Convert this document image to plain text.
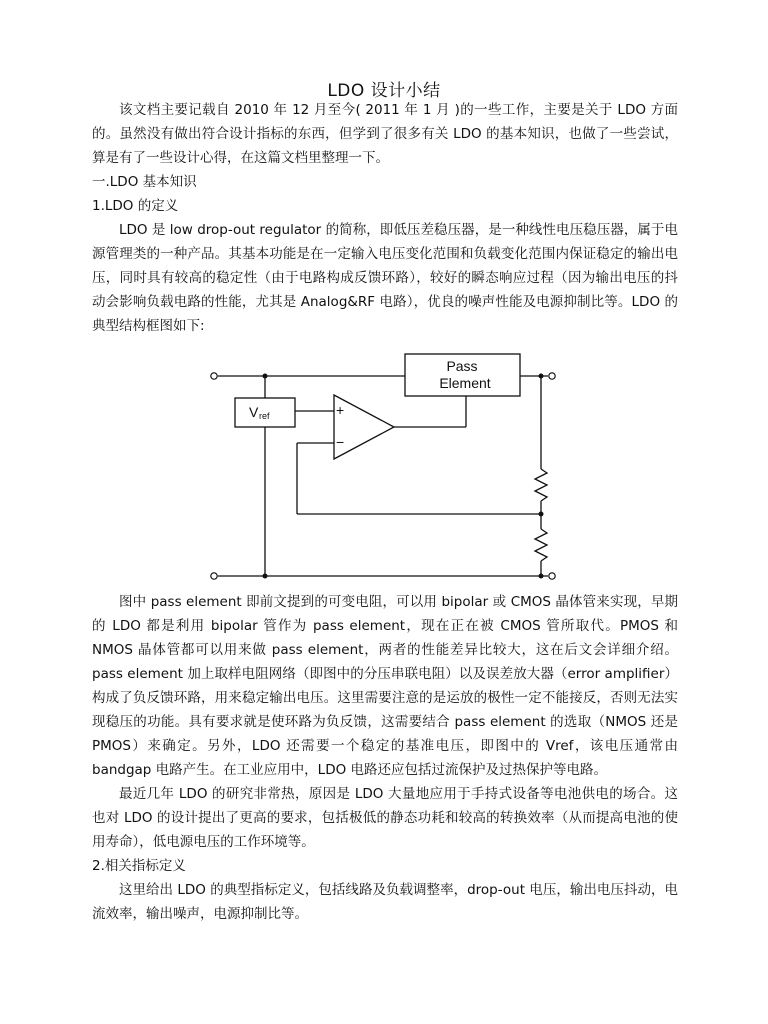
LDO 设计小结

该文档主要记载自 2010 年 12 月至今( 2011 年 1 月 )的一些工作，主要是关于 LDO 方面的。虽然没有做出符合设计指标的东西，但学到了很多有关 LDO 的基本知识，也做了一些尝试，算是有了一些设计心得，在这篇文档里整理一下。

一.LDO 基本知识

1.LDO 的定义

LDO 是 low drop-out regulator 的简称，即低压差稳压器，是一种线性电压稳压器，属于电源管理类的一种产品。其基本功能是在一定输入电压变化范围和负载变化范围内保证稳定的输出电压，同时具有较高的稳定性（由于电路构成反馈环路），较好的瞬态响应过程（因为输出电压的抖动会影响负载电路的性能，尤其是 Analog&RF 电路），优良的噪声性能及电源抑制比等。LDO 的典型结构框图如下:

Pass
Element
V ref	+
−

图中 pass element 即前文提到的可变电阻，可以用 bipolar 或 CMOS 晶体管来实现，早期的 LDO 都是利用 bipolar 管作为 pass element，现在正在被 CMOS 管所取代。PMOS 和 NMOS 晶体管都可以用来做 pass element，两者的性能差异比较大，这在后文会详细介绍。pass element 加上取样电阻网络（即图中的分压串联电阻）以及误差放大器（error amplifier）构成了负反馈环路，用来稳定输出电压。这里需要注意的是运放的极性一定不能接反，否则无法实现稳压的功能。具有要求就是使环路为负反馈，这需要结合 pass element 的选取（NMOS 还是 PMOS）来确定。另外，LDO 还需要一个稳定的基准电压，即图中的 Vref，该电压通常由 bandgap 电路产生。在工业应用中，LDO 电路还应包括过流保护及过热保护等电路。

最近几年 LDO 的研究非常热，原因是 LDO 大量地应用于手持式设备等电池供电的场合。这也对 LDO 的设计提出了更高的要求，包括极低的静态功耗和较高的转换效率（从而提高电池的使用寿命），低电源电压的工作环境等。

2.相关指标定义

这里给出 LDO 的典型指标定义，包括线路及负载调整率，drop-out 电压，输出电压抖动，电流效率，输出噪声，电源抑制比等。
